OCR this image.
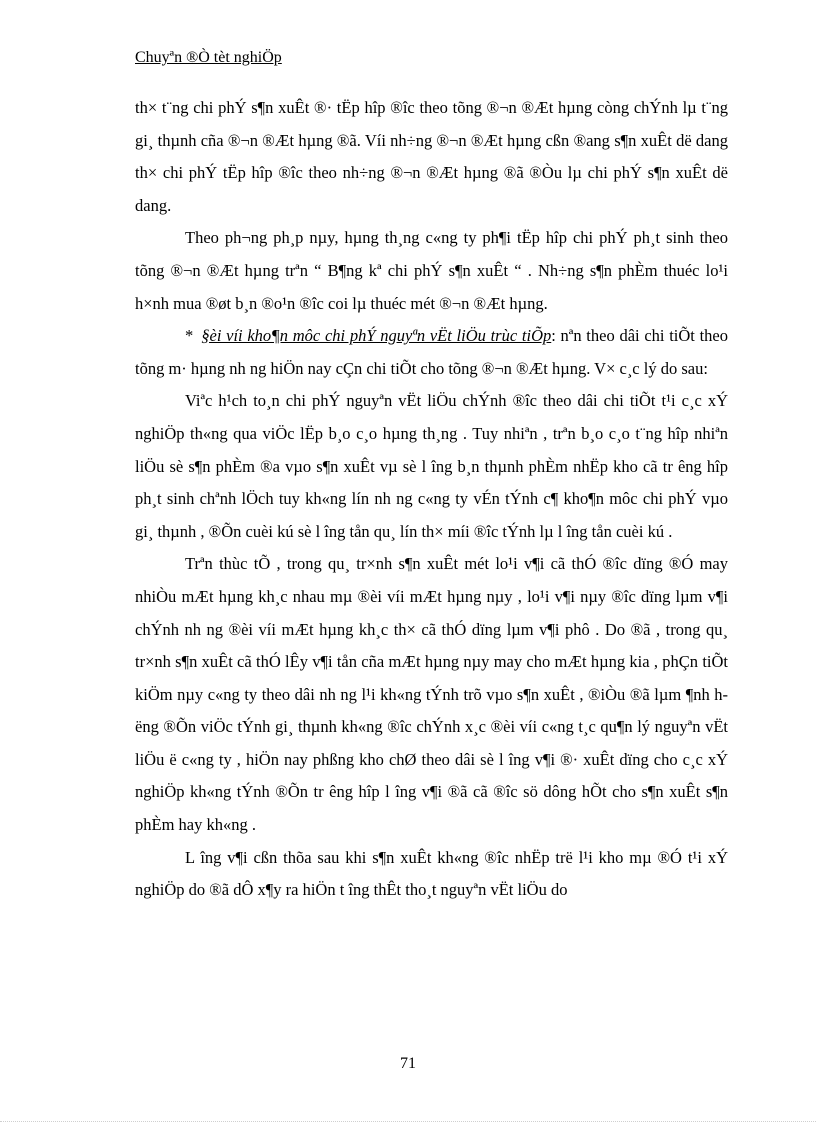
Chuyªn ®Ò tèt nghiÖp

th× t¨ng chi phÝ s¶n xuÊt ®· tËp hîp ®îc theo tõng ®¬n ®Æt hµng còng chÝnh lµ t¨ng gi¸ thµnh cña ®¬n ®Æt hµng ®ã. Víi nh÷ng ®¬n ®Æt hµng cßn ®ang s¶n xuÊt dë dang th× chi phÝ tËp hîp ®îc theo nh÷ng ®¬n ®Æt hµng ®ã ®Òu lµ chi phÝ s¶n xuÊt dë dang.

Theo ph¬ng ph¸p nµy, hµng th¸ng c«ng ty ph¶i tËp hîp chi phÝ ph¸t sinh theo tõng ®¬n ®Æt hµng trªn “ B¶ng kª chi phÝ s¶n xuÊt “ . Nh÷ng s¶n phÈm thuéc lo¹i h×nh mua ®øt b¸n ®o¹n ®îc coi lµ thuéc mét ®¬n ®Æt hµng.

* §èi víi kho¶n môc chi phÝ nguyªn vËt liÖu trùc tiÕp: nªn theo dâi chi tiÕt theo tõng m· hµng nh ng hiÖn nay cÇn chi tiÕt cho tõng ®¬n ®Æt hµng. V× c¸c lý do sau:

Viªc h¹ch to¸n chi phÝ nguyªn vËt liÖu chÝnh ®îc theo dâi chi tiÕt t¹i c¸c xÝ nghiÖp th«ng qua viÖc lËp b¸o c¸o hµng th¸ng . Tuy nhiªn , trªn b¸o c¸o t¨ng hîp nhiªn liÖu sè s¶n phÈm ®a vµo s¶n xuÊt vµ sè l îng b¸n thµnh phÈm nhËp kho cã tr êng hîp ph¸t sinh chªnh lÖch tuy kh«ng lín nh ng c«ng ty vÉn tÝnh c¶ kho¶n môc chi phÝ vµo gi¸ thµnh , ®Õn cuèi kú sè l îng tån qu¸ lín th× míi ®îc tÝnh lµ l îng tån cuèi kú .

Trªn thùc tÕ , trong qu¸ tr×nh s¶n xuÊt mét lo¹i v¶i cã thÓ ®îc dïng ®Ó may nhiÒu mÆt hµng kh¸c nhau mµ ®èi víi mÆt hµng nµy , lo¹i v¶i nµy ®îc dïng lµm v¶i chÝnh nh ng ®èi víi mÆt hµng kh¸c th× cã thÓ dïng lµm v¶i phô . Do ®ã , trong qu¸ tr×nh s¶n xuÊt cã thÓ lÊy v¶i tån cña mÆt hµng nµy may cho mÆt hµng kia , phÇn tiÕt kiÖm nµy c«ng ty theo dâi nh ng l¹i kh«ng tÝnh trõ vµo s¶n xuÊt , ®iÒu ®ã lµm ¶nh h ëng ®Õn viÖc tÝnh gi¸ thµnh kh«ng ®îc chÝnh x¸c ®èi víi c«ng t¸c qu¶n lý nguyªn vËt liÖu ë c«ng ty , hiÖn nay phßng kho chØ theo dâi sè l îng v¶i ®· xuÊt dïng cho c¸c xÝ nghiÖp kh«ng tÝnh ®Õn tr êng hîp l îng v¶i ®ã cã ®îc sö dông hÕt cho s¶n xuÊt s¶n phÈm hay kh«ng .

L îng v¶i cßn thõa sau khi s¶n xuÊt kh«ng ®îc nhËp trë l¹i kho mµ ®Ó t¹i xÝ nghiÖp do ®ã dÔ x¶y ra hiÖn t îng thÊt tho¸t nguyªn vËt liÖu do

71
